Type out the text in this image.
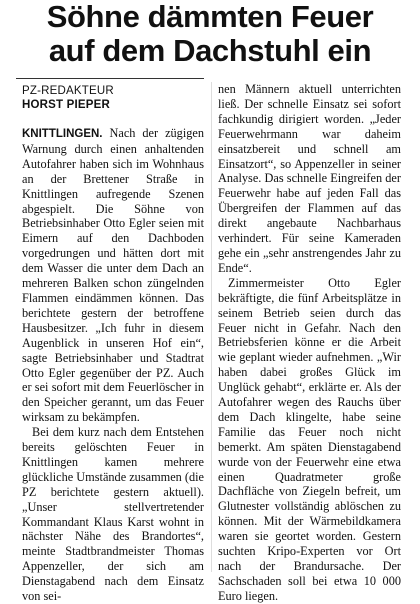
Söhne dämmten Feuer
auf dem Dachstuhl ein
PZ-REDAKTEUR
HORST PIEPER

KNITTLINGEN. Nach der zügigen Warnung durch einen anhaltenden Autofahrer haben sich im Wohnhaus an der Brettener Straße in Knittlingen aufregende Szenen abgespielt. Die Söhne von Betriebsinhaber Otto Egler seien mit Eimern auf den Dachboden vorgedrungen und hätten dort mit dem Wasser die unter dem Dach an mehreren Balken schon züngelnden Flammen eindämmen können. Das berichtete gestern der betroffene Hausbesitzer. „Ich fuhr in diesem Augenblick in unseren Hof ein“, sagte Betriebsinhaber und Stadtrat Otto Egler gegenüber der PZ. Auch er sei sofort mit dem Feuerlöscher in den Speicher gerannt, um das Feuer wirksam zu bekämpfen.

Bei dem kurz nach dem Entstehen bereits gelöschten Feuer in Knittlingen kamen mehrere glückliche Umstände zusammen (die PZ berichtete gestern aktuell). „Unser stellvertretender Kommandant Klaus Karst wohnt in nächster Nähe des Brandortes“, meinte Stadtbrandmeister Thomas Appenzeller, der sich am Dienstagabend nach dem Einsatz von sei-

nen Männern aktuell unterrichten ließ. Der schnelle Einsatz sei sofort fachkundig dirigiert worden. „Jeder Feuerwehrmann war daheim einsatzbereit und schnell am Einsatzort“, so Appenzeller in seiner Analyse. Das schnelle Eingreifen der Feuerwehr habe auf jeden Fall das Übergreifen der Flammen auf das direkt angebaute Nachbarhaus verhindert. Für seine Kameraden gehe ein „sehr anstrengendes Jahr zu Ende“.

Zimmermeister Otto Egler bekräftigte, die fünf Arbeitsplätze in seinem Betrieb seien durch das Feuer nicht in Gefahr. Nach den Betriebsferien könne er die Arbeit wie geplant wieder aufnehmen. „Wir haben dabei großes Glück im Unglück gehabt“, erklärte er. Als der Autofahrer wegen des Rauchs über dem Dach klingelte, habe seine Familie das Feuer noch nicht bemerkt. Am späten Dienstagabend wurde von der Feuerwehr eine etwa einen Quadratmeter große Dachfläche von Ziegeln befreit, um Glutnester vollständig ablöschen zu können. Mit der Wärmebildkamera waren sie geortet worden. Gestern suchten Kripo-Experten vor Ort nach der Brandursache. Der Sachschaden soll bei etwa 10 000 Euro liegen.
